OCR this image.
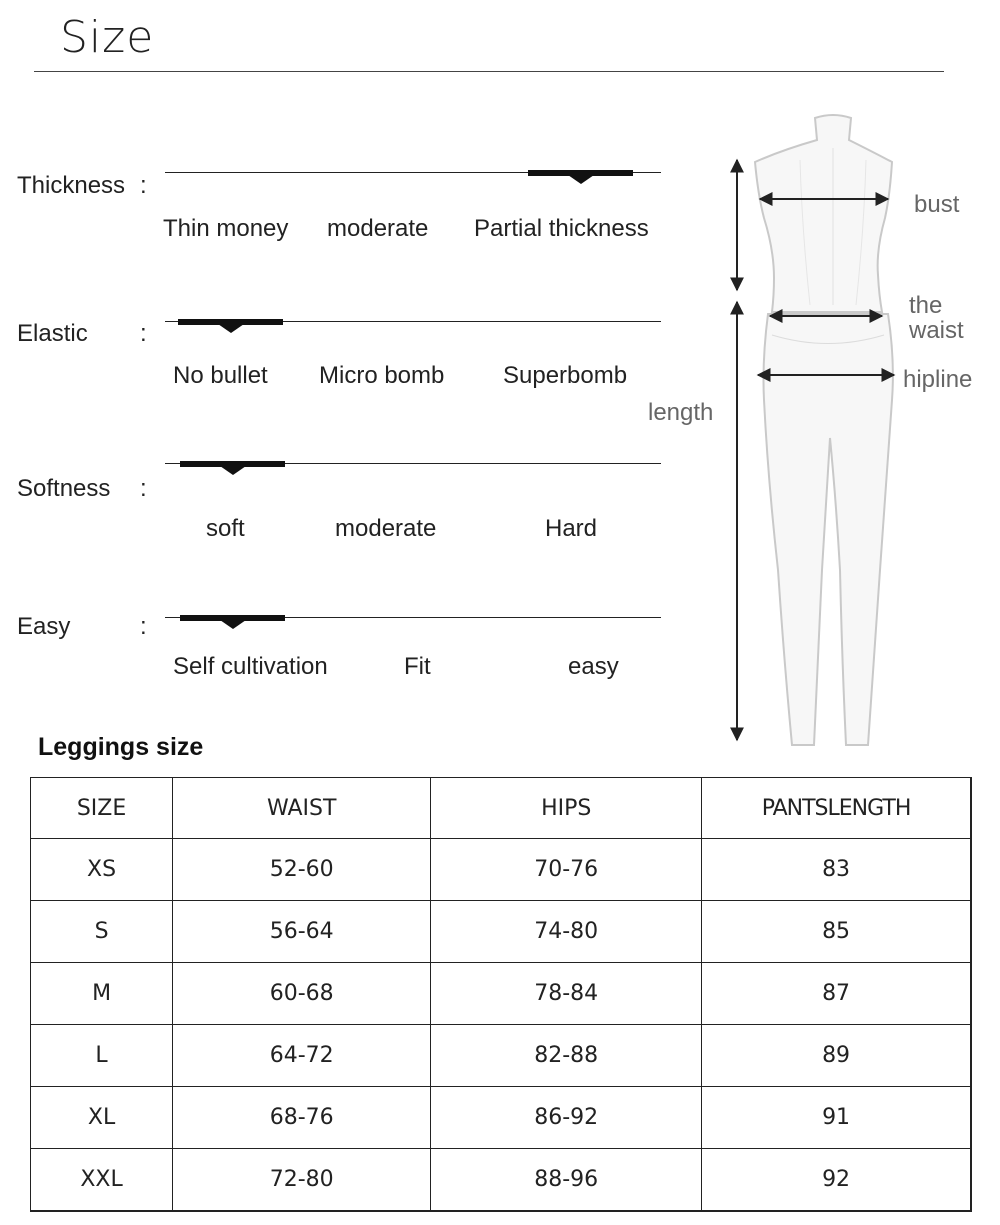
Size
Thickness :
Thin money moderate Partial thickness
Elastic :
No bullet Micro bomb Superbomb
Softness :
soft	moderate	Hard
Easy	:
Self cultivation	Fit	easy
bust
the
waist
hipline
length
Leggings size
SIZE	WAIST	HIPS	PANTSLENGTH
XS	52-60	70-76	83
S	56-64	74-80	85
M	60-68	78-84	87
L	64-72	82-88	89
XL	68-76	86-92	91
XXL	72-80	88-96	92
